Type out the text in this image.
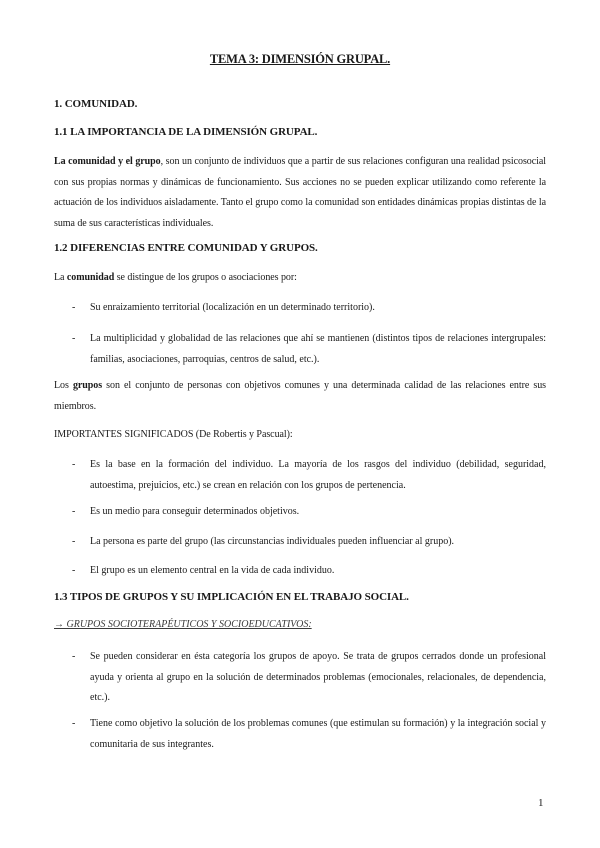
TEMA 3: DIMENSIÓN GRUPAL.
1. COMUNIDAD.
1.1 LA IMPORTANCIA DE LA DIMENSIÓN GRUPAL.
La comunidad y el grupo, son un conjunto de individuos que a partir de sus relaciones configuran una realidad psicosocial con sus propias normas y dinámicas de funcionamiento. Sus acciones no se pueden explicar utilizando como referente la actuación de los individuos aisladamente. Tanto el grupo como la comunidad son entidades dinámicas propias distintas de la suma de sus características individuales.
1.2 DIFERENCIAS ENTRE COMUNIDAD Y GRUPOS.
La comunidad se distingue de los grupos o asociaciones por:
- Su enraizamiento territorial (localización en un determinado territorio).
- La multiplicidad y globalidad de las relaciones que ahí se mantienen (distintos tipos de relaciones intergrupales: familias, asociaciones, parroquias, centros de salud, etc.).
Los grupos son el conjunto de personas con objetivos comunes y una determinada calidad de las relaciones entre sus miembros.
IMPORTANTES SIGNIFICADOS (De Robertis y Pascual):
- Es la base en la formación del individuo. La mayoría de los rasgos del individuo (debilidad, seguridad, autoestima, prejuicios, etc.) se crean en relación con los grupos de pertenencia.
- Es un medio para conseguir determinados objetivos.
- La persona es parte del grupo (las circunstancias individuales pueden influenciar al grupo).
- El grupo es un elemento central en la vida de cada individuo.
1.3 TIPOS DE GRUPOS Y SU IMPLICACIÓN EN EL TRABAJO SOCIAL.
→ GRUPOS SOCIOTERAPÉUTICOS Y SOCIOEDUCATIVOS:
- Se pueden considerar en ésta categoría los grupos de apoyo. Se trata de grupos cerrados donde un profesional ayuda y orienta al grupo en la solución de determinados problemas (emocionales, relacionales, de dependencia, etc.).
- Tiene como objetivo la solución de los problemas comunes (que estimulan su formación) y la integración social y comunitaria de sus integrantes.
1
